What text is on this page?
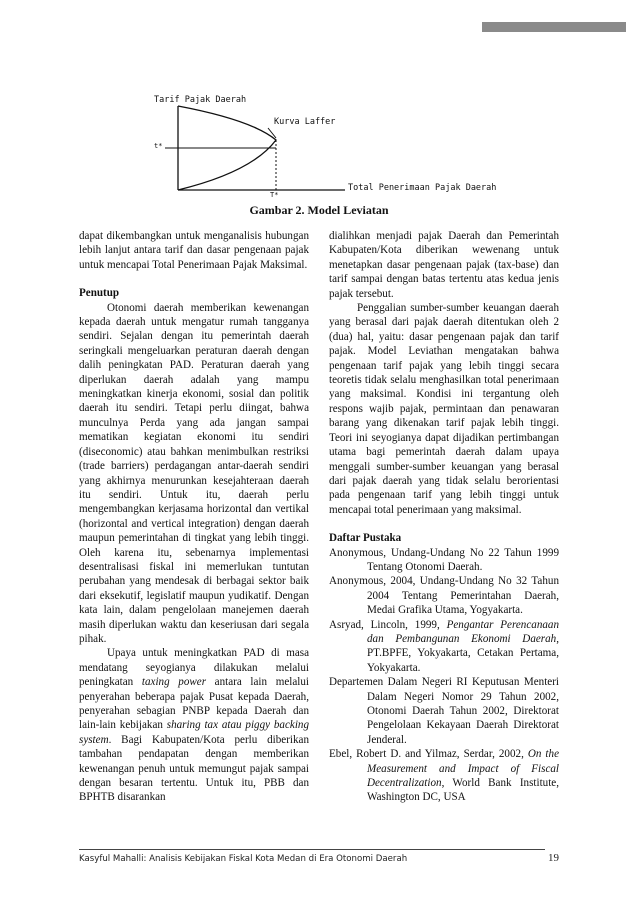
Tarif Pajak Daerah
Kurva Laffer
t*
T*
Total Penerimaan Pajak Daerah
Gambar 2. Model Leviatan

dapat dikembangkan untuk menganalisis hubungan lebih lanjut antara tarif dan dasar pengenaan pajak untuk mencapai Total Penerimaan Pajak Maksimal.

Penutup

Otonomi daerah memberikan kewenangan kepada daerah untuk mengatur rumah tangganya sendiri. Sejalan dengan itu pemerintah daerah seringkali mengeluarkan peraturan daerah dengan dalih peningkatan PAD. Peraturan daerah yang diperlukan daerah adalah yang mampu meningkatkan kinerja ekonomi, sosial dan politik daerah itu sendiri. Tetapi perlu diingat, bahwa munculnya Perda yang ada jangan sampai mematikan kegiatan ekonomi itu sendiri (diseconomic) atau bahkan menimbulkan restriksi (trade barriers) perdagangan antar-daerah sendiri yang akhirnya menurunkan kesejahteraan daerah itu sendiri. Untuk itu, daerah perlu mengembangkan kerjasama horizontal dan vertikal (horizontal and vertical integration) dengan daerah maupun pemerintahan di tingkat yang lebih tinggi. Oleh karena itu, sebenarnya implementasi desentralisasi fiskal ini memerlukan tuntutan perubahan yang mendesak di berbagai sektor baik dari eksekutif, legislatif maupun yudikatif. Dengan kata lain, dalam pengelolaan manejemen daerah masih diperlukan waktu dan keseriusan dari segala pihak.

Upaya untuk meningkatkan PAD di masa mendatang seyogianya dilakukan melalui peningkatan taxing power antara lain melalui penyerahan beberapa pajak Pusat kepada Daerah, penyerahan sebagian PNBP kepada Daerah dan lain-lain kebijakan sharing tax atau piggy backing system. Bagi Kabupaten/Kota perlu diberikan tambahan pendapatan dengan memberikan kewenangan penuh untuk memungut pajak sampai dengan besaran tertentu. Untuk itu, PBB dan BPHTB disarankan

dialihkan menjadi pajak Daerah dan Pemerintah Kabupaten/Kota diberikan wewenang untuk menetapkan dasar pengenaan pajak (tax-base) dan tarif sampai dengan batas tertentu atas kedua jenis pajak tersebut.

Penggalian sumber-sumber keuangan daerah yang berasal dari pajak daerah ditentukan oleh 2 (dua) hal, yaitu: dasar pengenaan pajak dan tarif pajak. Model Leviathan mengatakan bahwa pengenaan tarif pajak yang lebih tinggi secara teoretis tidak selalu menghasilkan total penerimaan yang maksimal. Kondisi ini tergantung oleh respons wajib pajak, permintaan dan penawaran barang yang dikenakan tarif pajak lebih tinggi. Teori ini seyogianya dapat dijadikan pertimbangan utama bagi pemerintah daerah dalam upaya menggali sumber-sumber keuangan yang berasal dari pajak daerah yang tidak selalu berorientasi pada pengenaan tarif yang lebih tinggi untuk mencapai total penerimaan yang maksimal.

Daftar Pustaka

Anonymous, Undang-Undang No 22 Tahun 1999 Tentang Otonomi Daerah.

Anonymous, 2004, Undang-Undang No 32 Tahun 2004 Tentang Pemerintahan Daerah, Medai Grafika Utama, Yogyakarta.

Asryad, Lincoln, 1999, Pengantar Perencanaan dan Pembangunan Ekonomi Daerah, PT.BPFE, Yokyakarta, Cetakan Pertama, Yokyakarta.

Departemen Dalam Negeri RI Keputusan Menteri Dalam Negeri Nomor 29 Tahun 2002, Otonomi Daerah Tahun 2002, Direktorat Pengelolaan Kekayaan Daerah Direktorat Jenderal.

Ebel, Robert D. and Yilmaz, Serdar, 2002, On the Measurement and Impact of Fiscal Decentralization, World Bank Institute, Washington DC, USA

Kasyful Mahalli: Analisis Kebijakan Fiskal Kota Medan di Era Otonomi Daerah	19
